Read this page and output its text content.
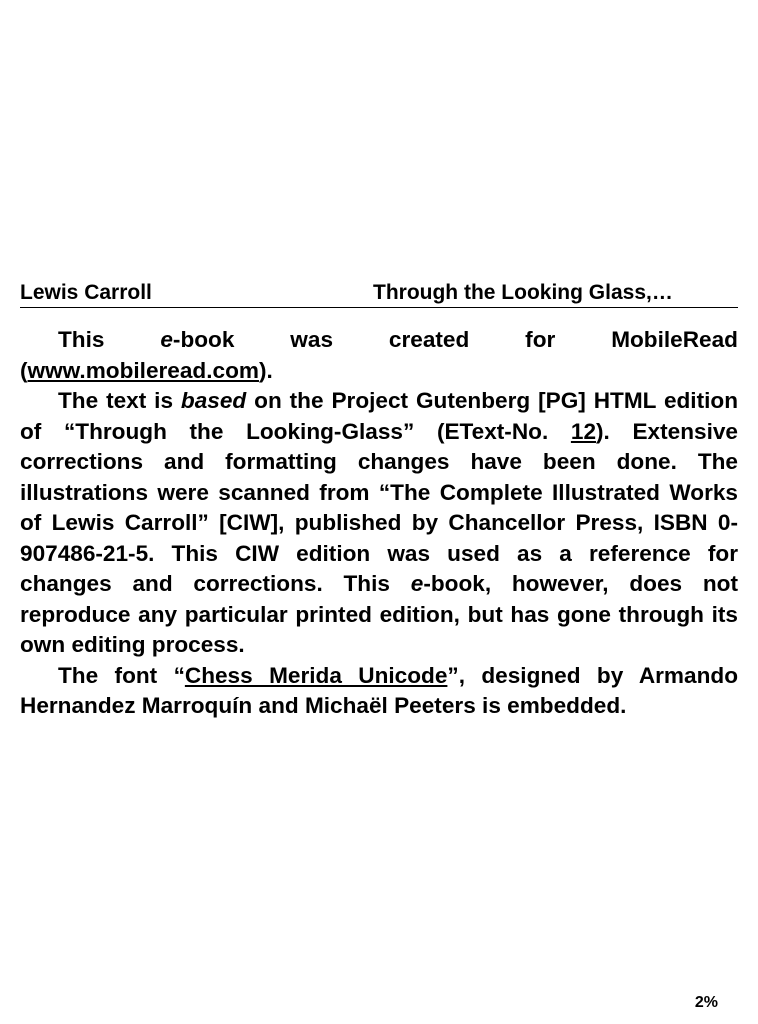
Lewis Carroll	Through the Looking Glass,…

This e-book was created for MobileRead (www.mobileread.com).

The text is based on the Project Gutenberg [PG] HTML edition of “Through the Looking-Glass” (EText-No. 12). Extensive corrections and formatting changes have been done. The illustrations were scanned from “The Complete Illustrated Works of Lewis Carroll” [CIW], published by Chancellor Press, ISBN 0-907486-21-5. This CIW edition was used as a reference for changes and corrections. This e-book, however, does not reproduce any particular printed edition, but has gone through its own editing process.

The font “Chess Merida Unicode”, designed by Armando Hernandez Marroquín and Michaël Peeters is embedded.

2%
